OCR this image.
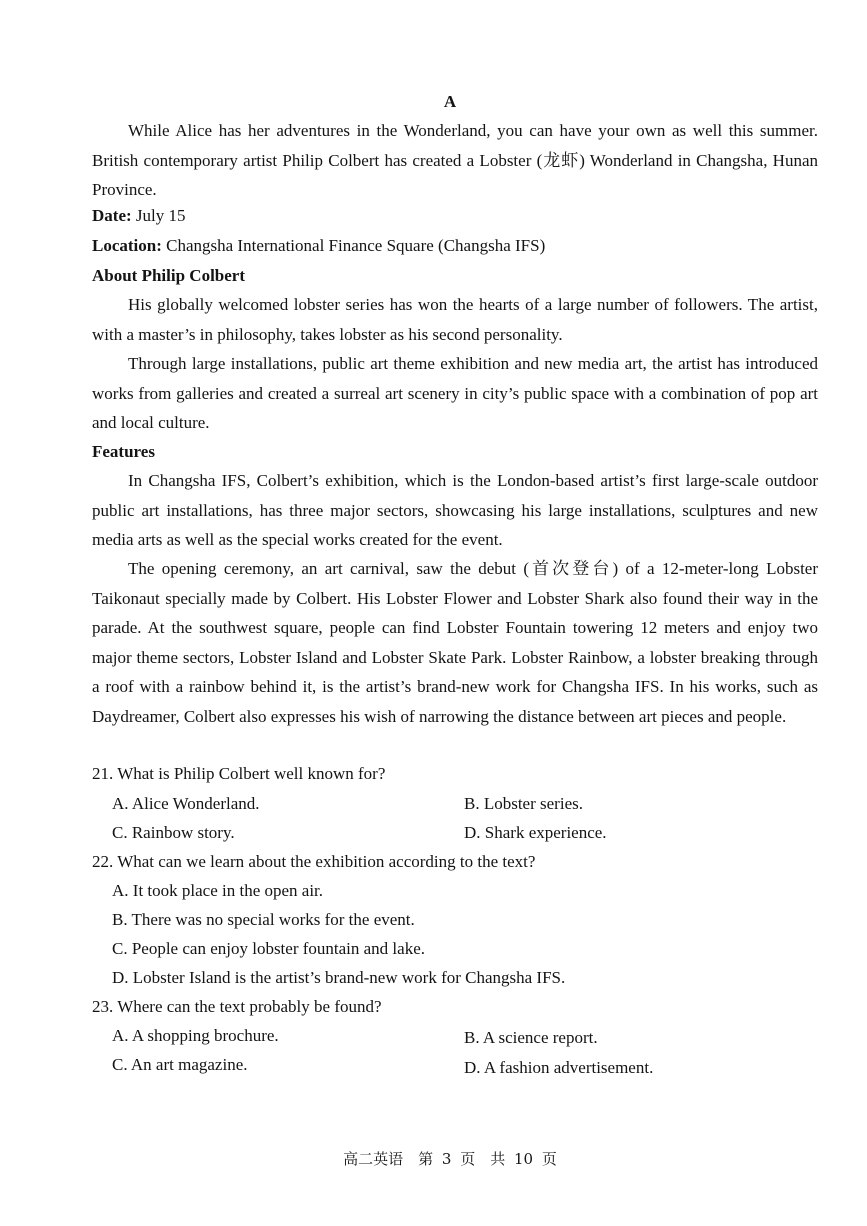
A
While Alice has her adventures in the Wonderland, you can have your own as well this summer. British contemporary artist Philip Colbert has created a Lobster (龙虾) Wonderland in Changsha, Hunan Province.
Date: July 15
Location: Changsha International Finance Square (Changsha IFS)
About Philip Colbert
His globally welcomed lobster series has won the hearts of a large number of followers. The artist, with a master’s in philosophy, takes lobster as his second personality.
Through large installations, public art theme exhibition and new media art, the artist has introduced works from galleries and created a surreal art scenery in city’s public space with a combination of pop art and local culture.
Features
In Changsha IFS, Colbert’s exhibition, which is the London-based artist’s first large-scale outdoor public art installations, has three major sectors, showcasing his large installations, sculptures and new media arts as well as the special works created for the event.
The opening ceremony, an art carnival, saw the debut (首次登台) of a 12-meter-long Lobster Taikonaut specially made by Colbert. His Lobster Flower and Lobster Shark also found their way in the parade. At the southwest square, people can find Lobster Fountain towering 12 meters and enjoy two major theme sectors, Lobster Island and Lobster Skate Park. Lobster Rainbow, a lobster breaking through a roof with a rainbow behind it, is the artist’s brand-new work for Changsha IFS. In his works, such as Daydreamer, Colbert also expresses his wish of narrowing the distance between art pieces and people.
21. What is Philip Colbert well known for?
A. Alice Wonderland.	B. Lobster series.
C. Rainbow story.	D. Shark experience.
22. What can we learn about the exhibition according to the text?
A. It took place in the open air.
B. There was no special works for the event.
C. People can enjoy lobster fountain and lake.
D. Lobster Island is the artist’s brand-new work for Changsha IFS.
23. Where can the text probably be found?
A. A shopping brochure.	B. A science report.
C. An art magazine.	D. A fashion advertisement.
高二英语　第 3 页　共 10 页
